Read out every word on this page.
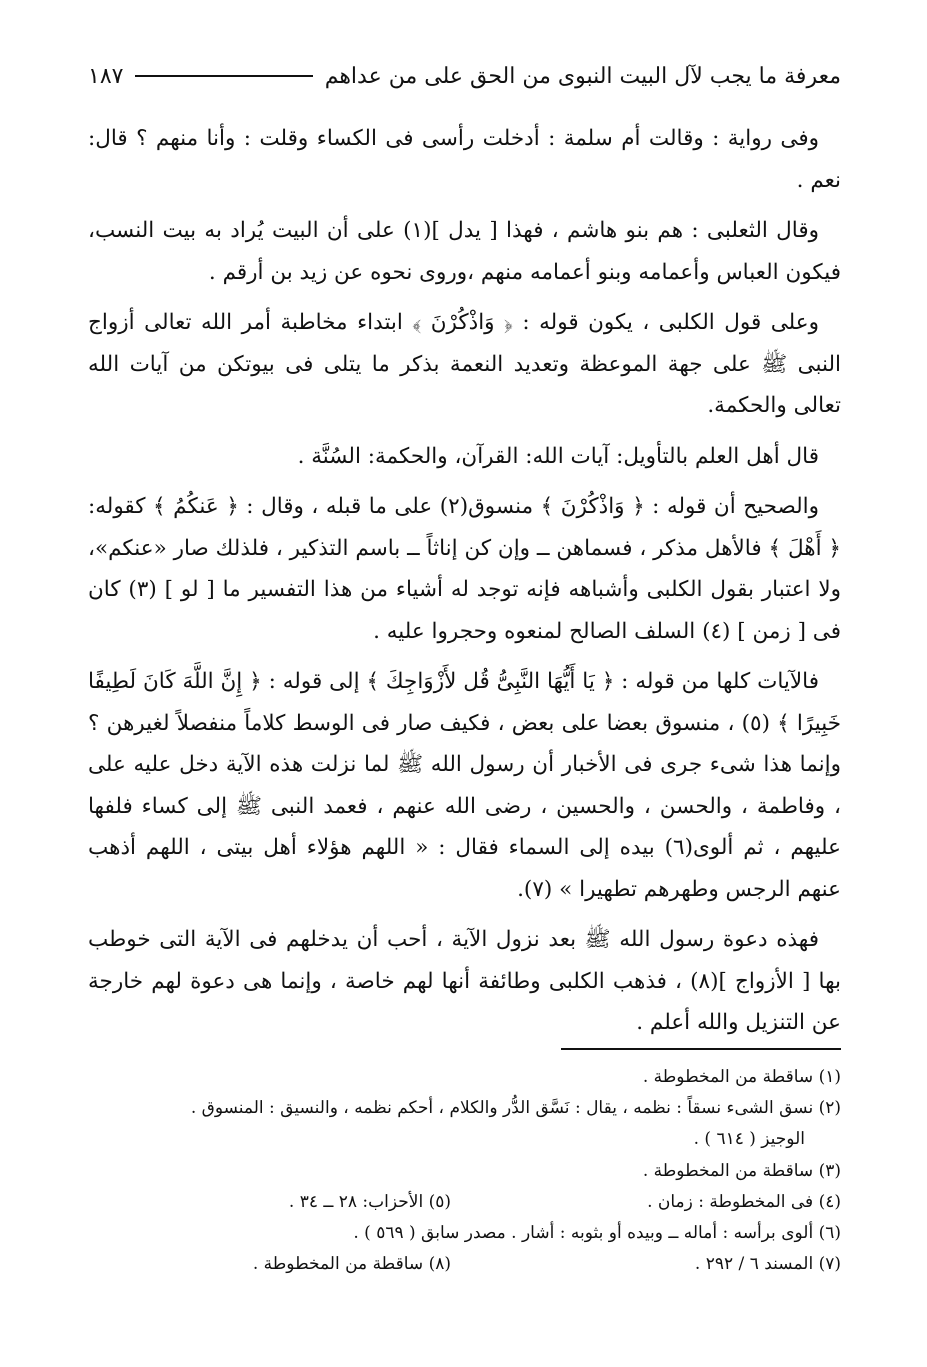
معرفة ما يجب لآل البيت النبوى من الحق على من عداهم
١٨٧

وفى رواية : وقالت أم سلمة : أدخلت رأسى فى الكساء وقلت : وأنا منهم ؟ قال: نعم .

وقال الثعلبى : هم بنو هاشم ، فهذا [ يدل ](١) على أن البيت يُراد به بيت النسب، فيكون العباس وأعمامه وبنو أعمامه منهم ،وروى نحوه عن زيد بن أرقم .

وعلى قول الكلبى ، يكون قوله : ﴿ وَاذْكُرْنَ ﴾ ابتداء مخاطبة أمر الله تعالى أزواج النبى ﷺ على جهة الموعظة وتعديد النعمة بذكر ما يتلى فى بيوتكن من آيات الله تعالى والحكمة.

قال أهل العلم بالتأويل: آيات الله: القرآن، والحكمة: السُنَّة .

والصحيح أن قوله : ﴿ وَاذْكُرْنَ ﴾ منسوق(٢) على ما قبله ، وقال : ﴿ عَنكُمُ ﴾ كقوله: ﴿ أَهْلَ ﴾ فالأهل مذكر ، فسماهن ــ وإن كن إناثاً ــ باسم التذكير ، فلذلك صار «عنكم»، ولا اعتبار بقول الكلبى وأشباهه فإنه توجد له أشياء من هذا التفسير ما [ لو ] (٣) كان فى [ زمن ] (٤) السلف الصالح لمنعوه وحجروا عليه .

فالآيات كلها من قوله : ﴿ يَا أَيُّهَا النَّبِىُّ قُل لأَزْوَاجِكَ ﴾ إلى قوله : ﴿ إِنَّ اللَّهَ كَانَ لَطِيفًا خَبِيرًا ﴾ (٥) ، منسوق بعضا على بعض ، فكيف صار فى الوسط كلاماً منفصلاً لغيرهن ؟ وإنما هذا شىء جرى فى الأخبار أن رسول الله ﷺ لما نزلت هذه الآية دخل عليه على ، وفاطمة ، والحسن ، والحسين ، رضى الله عنهم ، فعمد النبى ﷺ إلى كساء فلفها عليهم ، ثم ألوى(٦) بيده إلى السماء فقال : « اللهم هؤلاء أهل بيتى ، اللهم أذهب عنهم الرجس وطهرهم تطهيرا » (٧).

فهذه دعوة رسول الله ﷺ بعد نزول الآية ، أحب أن يدخلهم فى الآية التى خوطب بها [ الأزواج ](٨) ، فذهب الكلبى وطائفة أنها لهم خاصة ، وإنما هى دعوة لهم خارجة عن التنزيل والله أعلم .

(١) ساقطة من المخطوطة .
(٢) نسق الشىء نسقاً : نظمه ، يقال : نَسَّق الدُّر والكلام ، أحكم نظمه ، والنسيق : المنسوق .
الوجيز ( ٦١٤ ) .
(٣) ساقطة من المخطوطة .
(٤) فى المخطوطة : زمان .
(٥) الأحزاب: ٢٨ ــ ٣٤ .
(٦) ألوى برأسه : أماله ــ وبيده أو بثوبه : أشار . مصدر سابق ( ٥٦٩ ) .
(٧) المسند ٦ / ٢٩٢ .
(٨) ساقطة من المخطوطة .
